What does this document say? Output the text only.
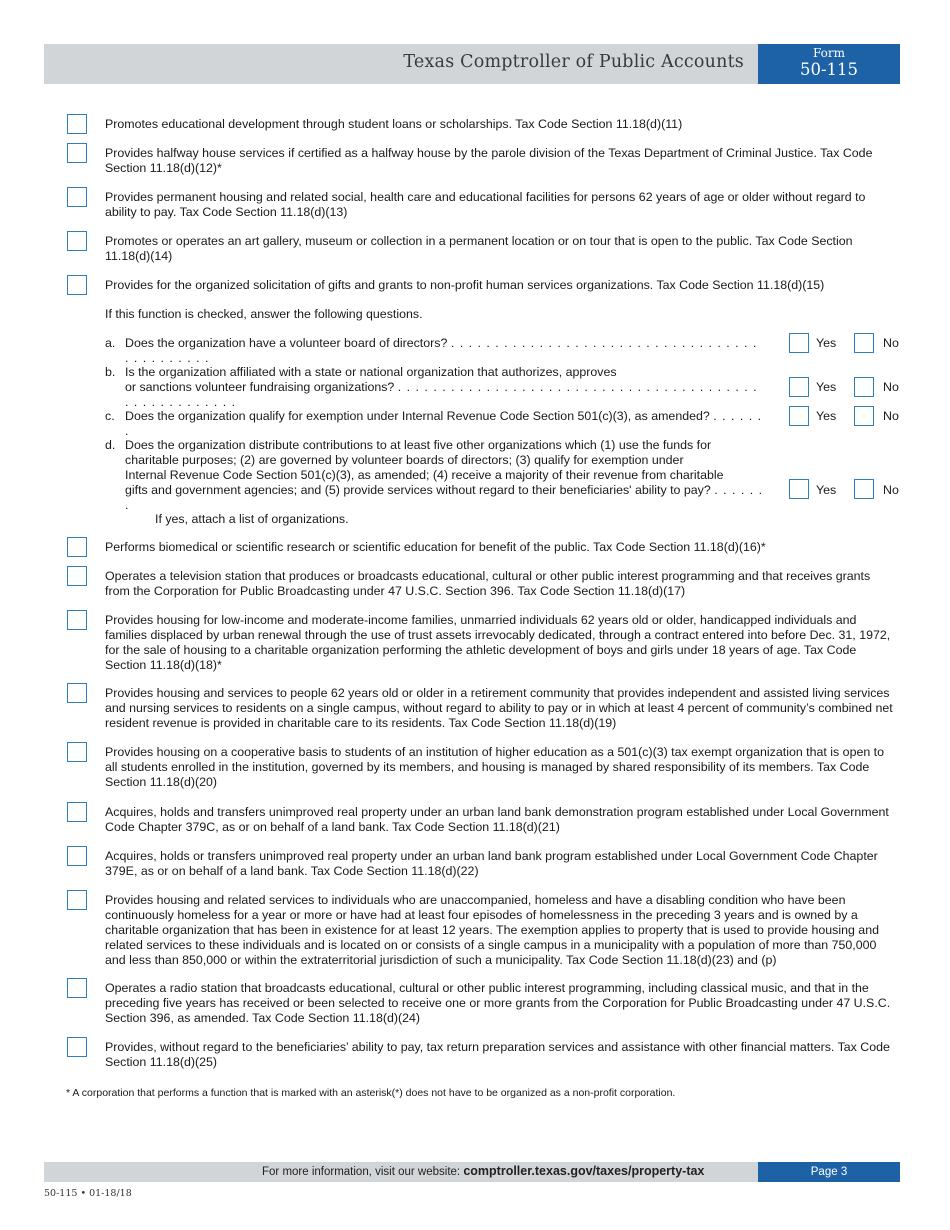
Texas Comptroller of Public Accounts	Form
50-115
Promotes educational development through student loans or scholarships. Tax Code Section 11.18(d)(11)
Provides halfway house services if certified as a halfway house by the parole division of the Texas Department of Criminal Justice. Tax Code Section 11.18(d)(12)*
Provides permanent housing and related social, health care and educational facilities for persons 62 years of age or older without regard to ability to pay. Tax Code Section 11.18(d)(13)
Promotes or operates an art gallery, museum or collection in a permanent location or on tour that is open to the public. Tax Code Section 11.18(d)(14)
Provides for the organized solicitation of gifts and grants to non-profit human services organizations. Tax Code Section 11.18(d)(15)
If this function is checked, answer the following questions.
a. Does the organization have a volunteer board of directors? . . . . . . . . . . . . . . . . . . . . . . . . . . . . . . . . . . . . . . . . . . . . .
Yes	No
b. Is the organization affiliated with a state or national organization that authorizes, approves
or sanctions volunteer fundraising organizations? . . . . . . . . . . . . . . . . . . . . . . . . . . . . . . . . . . . . . . . . . . . . . . . . . . . . . .
Yes	No
c. Does the organization qualify for exemption under Internal Revenue Code Section 501(c)(3), as amended? . . . . . . .
Yes	No
d. Does the organization distribute contributions to at least five other organizations which (1) use the funds for
charitable purposes; (2) are governed by volunteer boards of directors; (3) qualify for exemption under
Internal Revenue Code Section 501(c)(3), as amended; (4) receive a majority of their revenue from charitable
gifts and government agencies; and (5) provide services without regard to their beneficiaries' ability to pay? . . . . . . .
Yes	No
If yes, attach a list of organizations.
Performs biomedical or scientific research or scientific education for benefit of the public. Tax Code Section 11.18(d)(16)*
Operates a television station that produces or broadcasts educational, cultural or other public interest programming and that receives grants from the Corporation for Public Broadcasting under 47 U.S.C. Section 396. Tax Code Section 11.18(d)(17)
Provides housing for low-income and moderate-income families, unmarried individuals 62 years old or older, handicapped individuals and families displaced by urban renewal through the use of trust assets irrevocably dedicated, through a contract entered into before Dec. 31, 1972, for the sale of housing to a charitable organization performing the athletic development of boys and girls under 18 years of age. Tax Code Section 11.18(d)(18)*
Provides housing and services to people 62 years old or older in a retirement community that provides independent and assisted living services and nursing services to residents on a single campus, without regard to ability to pay or in which at least 4 percent of community’s combined net resident revenue is provided in charitable care to its residents. Tax Code Section 11.18(d)(19)
Provides housing on a cooperative basis to students of an institution of higher education as a 501(c)(3) tax exempt organization that is open to all students enrolled in the institution, governed by its members, and housing is managed by shared responsibility of its members. Tax Code Section 11.18(d)(20)
Acquires, holds and transfers unimproved real property under an urban land bank demonstration program established under Local Government Code Chapter 379C, as or on behalf of a land bank. Tax Code Section 11.18(d)(21)
Acquires, holds or transfers unimproved real property under an urban land bank program established under Local Government Code Chapter 379E, as or on behalf of a land bank. Tax Code Section 11.18(d)(22)
Provides housing and related services to individuals who are unaccompanied, homeless and have a disabling condition who have been continuously homeless for a year or more or have had at least four episodes of homelessness in the preceding 3 years and is owned by a charitable organization that has been in existence for at least 12 years. The exemption applies to property that is used to provide housing and related services to these individuals and is located on or consists of a single campus in a municipality with a population of more than 750,000 and less than 850,000 or within the extraterritorial jurisdiction of such a municipality. Tax Code Section 11.18(d)(23) and (p)
Operates a radio station that broadcasts educational, cultural or other public interest programming, including classical music, and that in the preceding five years has received or been selected to receive one or more grants from the Corporation for Public Broadcasting under 47 U.S.C. Section 396, as amended. Tax Code Section 11.18(d)(24)
Provides, without regard to the beneficiaries’ ability to pay, tax return preparation services and assistance with other financial matters. Tax Code Section 11.18(d)(25)
* A corporation that performs a function that is marked with an asterisk(*) does not have to be organized as a non-profit corporation.
For more information, visit our website: comptroller.texas.gov/taxes/property-tax	Page 3
50-115 • 01-18/18
